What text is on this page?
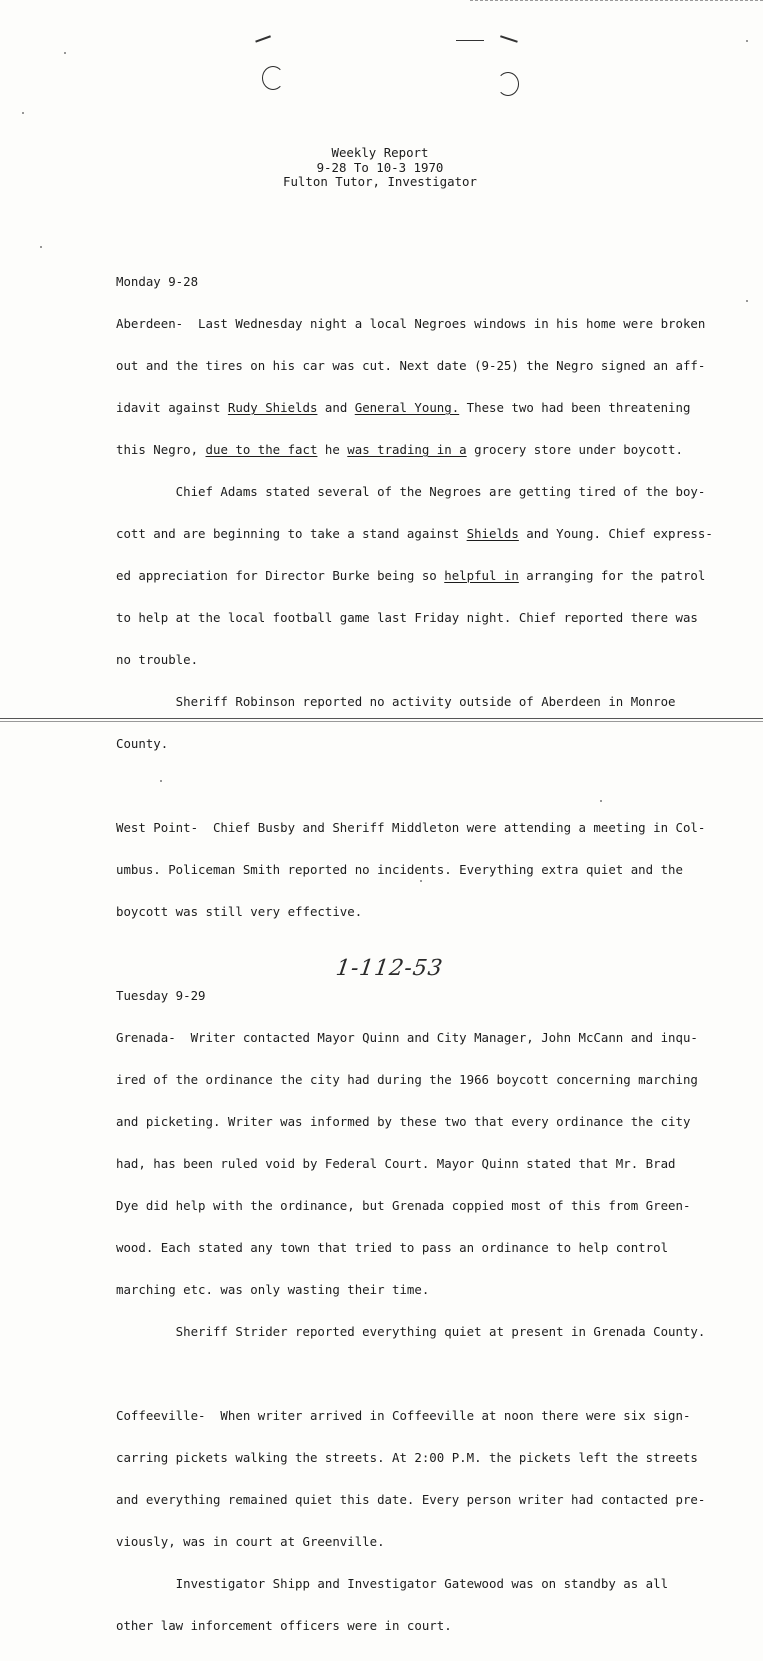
Weekly Report
9-28 To 10-3 1970
Fulton Tutor, Investigator

Monday 9-28

Aberdeen-  Last Wednesday night a local Negroes windows in his home were broken

out and the tires on his car was cut. Next date (9-25) the Negro signed an aff-

idavit against Rudy Shields and General Young. These two had been threatening

this Negro, due to the fact he was trading in a grocery store under boycott.

Chief Adams stated several of the Negroes are getting tired of the boy-

cott and are beginning to take a stand against Shields and Young. Chief express-

ed appreciation for Director Burke being so helpful in arranging for the patrol

to help at the local football game last Friday night. Chief reported there was

no trouble.

Sheriff Robinson reported no activity outside of Aberdeen in Monroe

County.

West Point-  Chief Busby and Sheriff Middleton were attending a meeting in Col-

umbus. Policeman Smith reported no incidents. Everything extra quiet and the

boycott was still very effective.

Tuesday 9-29

Grenada-  Writer contacted Mayor Quinn and City Manager, John McCann and inqu-

ired of the ordinance the city had during the 1966 boycott concerning marching

and picketing. Writer was informed by these two that every ordinance the city

had, has been ruled void by Federal Court. Mayor Quinn stated that Mr. Brad

Dye did help with the ordinance, but Grenada coppied most of this from Green-

wood. Each stated any town that tried to pass an ordinance to help control

marching etc. was only wasting their time.

Sheriff Strider reported everything quiet at present in Grenada County.

Coffeeville-  When writer arrived in Coffeeville at noon there were six sign-

carring pickets walking the streets. At 2:00 P.M. the pickets left the streets

and everything remained quiet this date. Every person writer had contacted pre-

viously, was in court at Greenville.

Investigator Shipp and Investigator Gatewood was on standby as all

other law inforcement officers were in court.

1-112-53
